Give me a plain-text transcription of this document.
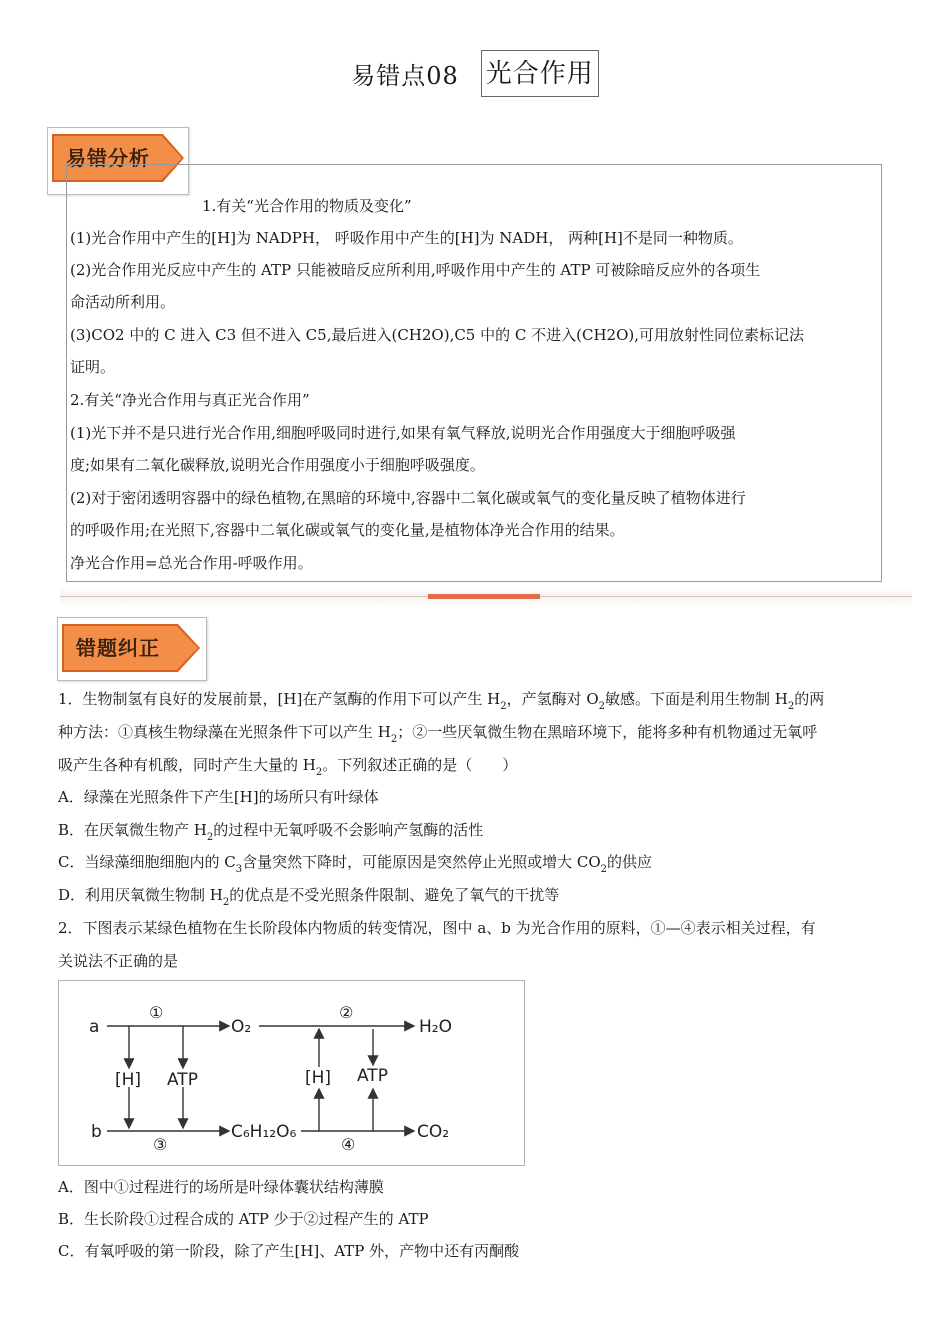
易错点08 光合作用
易错分析
1.有关“光合作用的物质及变化”
(1)光合作用中产生的[H]为 NADPH， 呼吸作用中产生的[H]为 NADH， 两种[H]不是同一种物质。
(2)光合作用光反应中产生的 ATP 只能被暗反应所利用,呼吸作用中产生的 ATP 可被除暗反应外的各项生
命活动所利用。
(3)CO2 中的 C 进入 C3 但不进入 C5,最后进入(CH2O),C5 中的 C 不进入(CH2O),可用放射性同位素标记法
证明。
2.有关“净光合作用与真正光合作用”
(1)光下并不是只进行光合作用,细胞呼吸同时进行,如果有氧气释放,说明光合作用强度大于细胞呼吸强
度;如果有二氧化碳释放,说明光合作用强度小于细胞呼吸强度。
(2)对于密闭透明容器中的绿色植物,在黑暗的环境中,容器中二氧化碳或氧气的变化量反映了植物体进行
的呼吸作用;在光照下,容器中二氧化碳或氧气的变化量,是植物体净光合作用的结果。
净光合作用=总光合作用-呼吸作用。
错题纠正
1．生物制氢有良好的发展前景，[H]在产氢酶的作用下可以产生 $H_2$，产氢酶对 $O_2$敏感。下面是利用生物制 $H_2$的两
种方法：①真核生物绿藻在光照条件下可以产生 $H_2$；②一些厌氧微生物在黑暗环境下，能将多种有机物通过无氧呼
吸产生各种有机酸，同时产生大量的 $H_2$。下列叙述正确的是（　　）
A．绿藻在光照条件下产生[H]的场所只有叶绿体
B．在厌氧微生物产 $H_2$的过程中无氧呼吸不会影响产氢酶的活性
C．当绿藻细胞细胞内的 $C_3$含量突然下降时，可能原因是突然停止光照或增大 $CO_2$的供应
D．利用厌氧微生物制 $H_2$的优点是不受光照条件限制、避免了氧气的干扰等
2．下图表示某绿色植物在生长阶段体内物质的转变情况，图中 a、b 为光合作用的原料，①—④表示相关过程，有
关说法不正确的是
a
b
①	②
③	④
O₂	H₂O
C₆H₁₂O₆	CO₂
[H] ATP	[H] ATP
A．图中①过程进行的场所是叶绿体囊状结构薄膜
B．生长阶段①过程合成的 ATP 少于②过程产生的 ATP
C．有氧呼吸的第一阶段，除了产生[H]、ATP 外，产物中还有丙酮酸
